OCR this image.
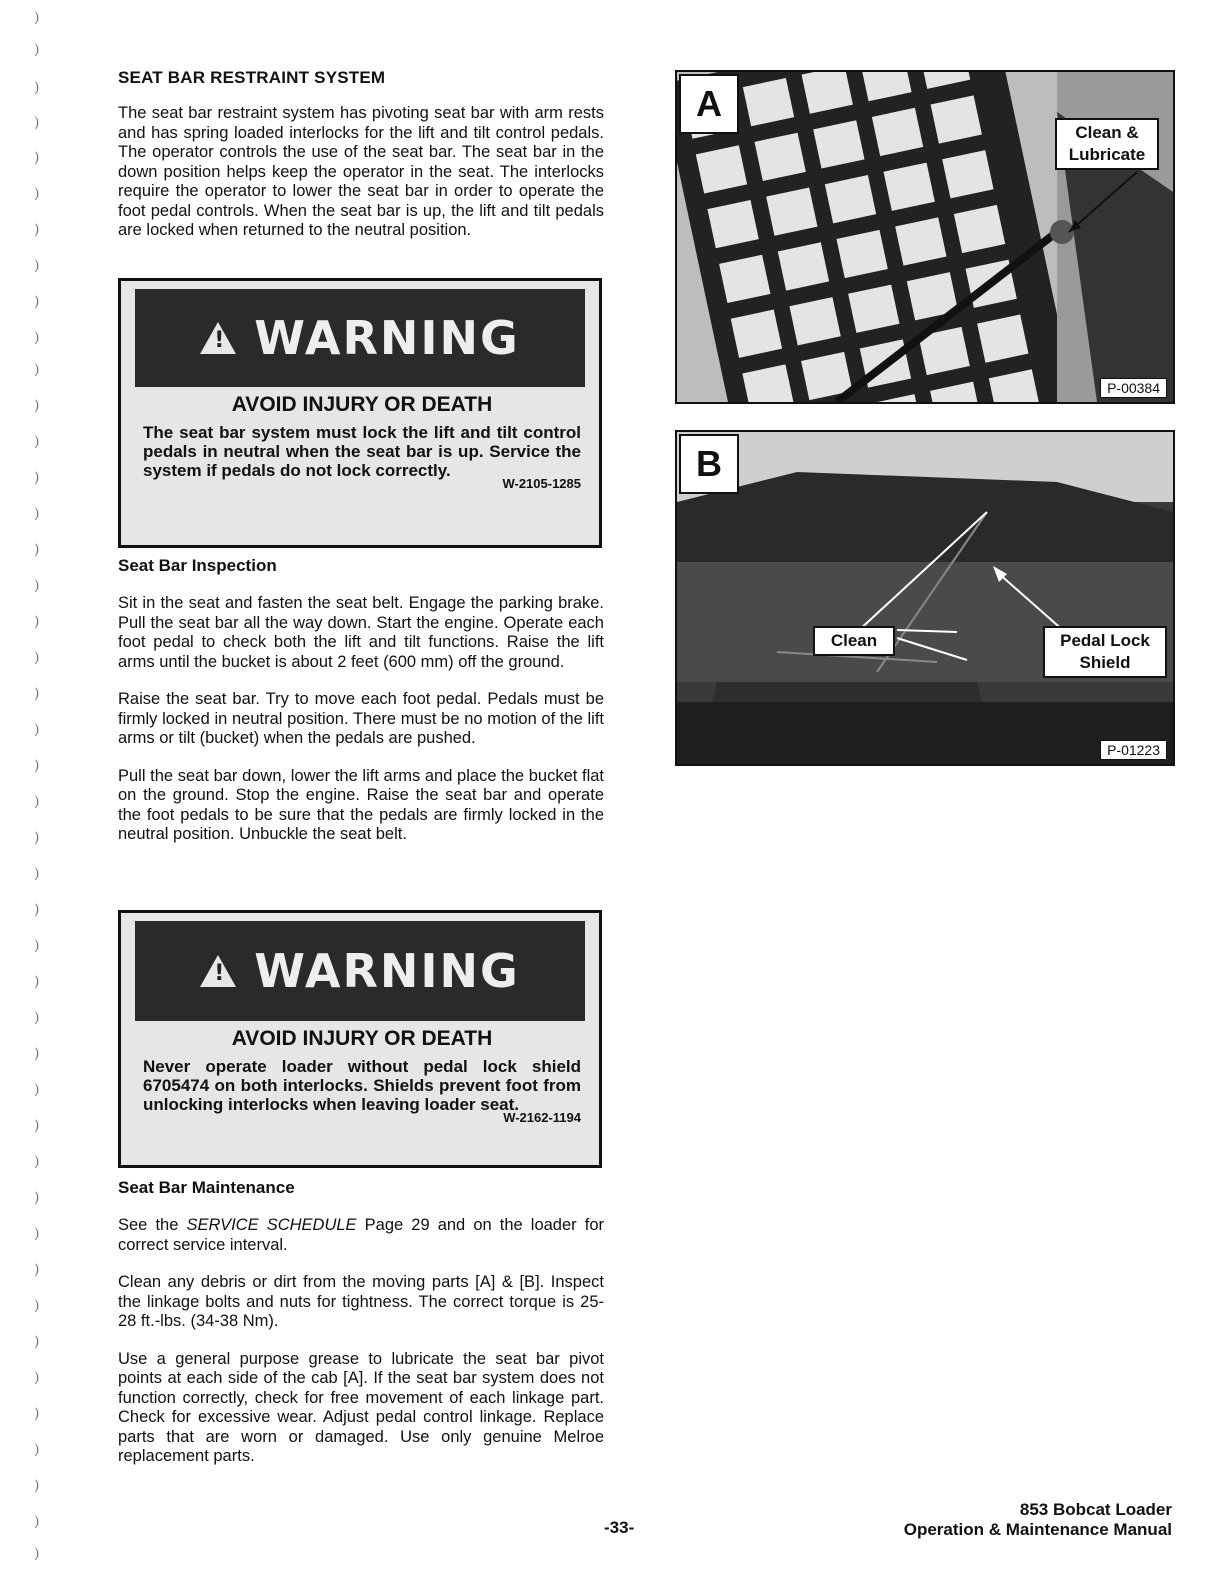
)
)
)
)
)
)
)
)
)
)
)
)
)
)
)
)
)
)
)
)
)
)
)
)
)
)
)
)
)
)
)
)
)
)
)
)
)
)
)
)
)
)
)
)
SEAT BAR RESTRAINT SYSTEM

The seat bar restraint system has pivoting seat bar with arm rests and has spring loaded interlocks for the lift and tilt control pedals. The operator controls the use of the seat bar. The seat bar in the down position helps keep the operator in the seat. The interlocks require the operator to lower the seat bar in order to operate the foot pedal controls. When the seat bar is up, the lift and tilt pedals are locked when returned to the neutral position.

! WARNING
AVOID INJURY OR DEATH

The seat bar system must lock the lift and tilt control pedals in neutral when the seat bar is up. Service the system if pedals do not lock correctly.

W-2105-1285
Seat Bar Inspection

Sit in the seat and fasten the seat belt. Engage the parking brake. Pull the seat bar all the way down. Start the engine. Operate each foot pedal to check both the lift and tilt functions. Raise the lift arms until the bucket is about 2 feet (600 mm) off the ground.

Raise the seat bar. Try to move each foot pedal. Pedals must be firmly locked in neutral position. There must be no motion of the lift arms or tilt (bucket) when the pedals are pushed.

Pull the seat bar down, lower the lift arms and place the bucket flat on the ground. Stop the engine. Raise the seat bar and operate the foot pedals to be sure that the pedals are firmly locked in the neutral position. Unbuckle the seat belt.

! WARNING
AVOID INJURY OR DEATH

Never operate loader without pedal lock shield 6705474 on both interlocks. Shields prevent foot from unlocking interlocks when leaving loader seat.

W-2162-1194
Seat Bar Maintenance

See the SERVICE SCHEDULE Page 29 and on the loader for correct service interval.

Clean any debris or dirt from the moving parts [A] & [B]. Inspect the linkage bolts and nuts for tightness. The correct torque is 25-28 ft.-lbs. (34-38 Nm).

Use a general purpose grease to lubricate the seat bar pivot points at each side of the cab [A]. If the seat bar system does not function correctly, check for free movement of each linkage part. Check for excessive wear. Adjust pedal control linkage. Replace parts that are worn or damaged. Use only genuine Melroe replacement parts.

A
Clean & Lubricate
P-00384
B
Clean	Pedal Lock Shield
P-01223
-33-
853 Bobcat Loader
Operation & Maintenance Manual
